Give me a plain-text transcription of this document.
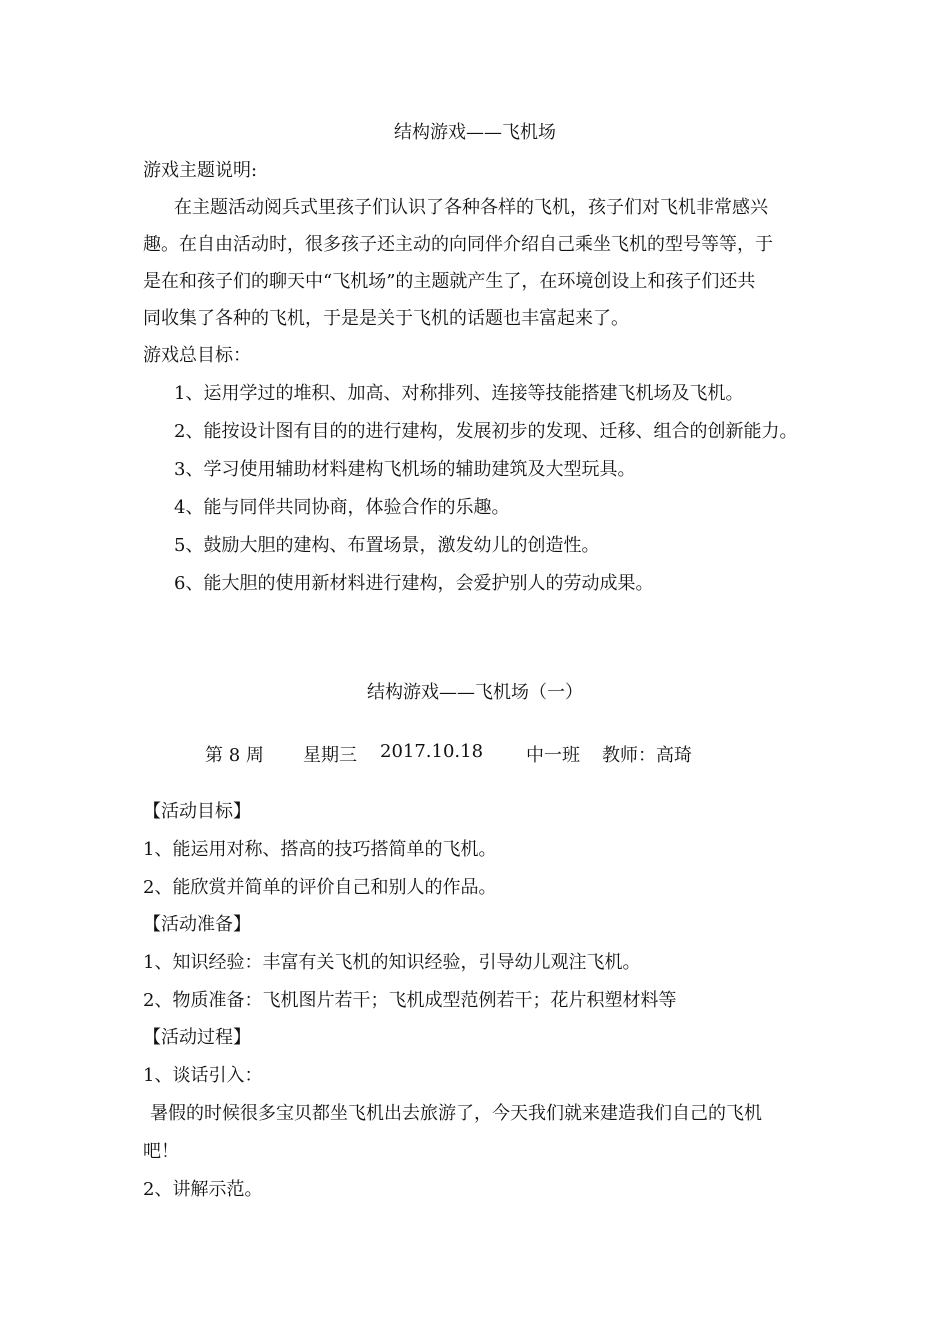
结构游戏——飞机场
游戏主题说明:
在主题活动阅兵式里孩子们认识了各种各样的飞机，孩子们对飞机非常感兴
趣。在自由活动时，很多孩子还主动的向同伴介绍自己乘坐飞机的型号等等，于
是在和孩子们的聊天中“飞机场”的主题就产生了，在环境创设上和孩子们还共
同收集了各种的飞机，于是是关于飞机的话题也丰富起来了。
游戏总目标：
1、运用学过的堆积、加高、对称排列、连接等技能搭建飞机场及飞机。
2、能按设计图有目的的进行建构，发展初步的发现、迁移、组合的创新能力。
3、学习使用辅助材料建构飞机场的辅助建筑及大型玩具。
4、能与同伴共同协商，体验合作的乐趣。
5、鼓励大胆的建构、布置场景，激发幼儿的创造性。
6、能大胆的使用新材料进行建构，会爱护别人的劳动成果。
结构游戏——飞机场（一）
第 8 周 星期三 2017.10.18 中一班 教师：高琦
【活动目标】
1、能运用对称、搭高的技巧搭简单的飞机。
2、能欣赏并简单的评价自己和别人的作品。
【活动准备】
1、知识经验：丰富有关飞机的知识经验，引导幼儿观注飞机。
2、物质准备：飞机图片若干；飞机成型范例若干；花片积塑材料等
【活动过程】
1、谈话引入：
暑假的时候很多宝贝都坐飞机出去旅游了，今天我们就来建造我们自己的飞机
吧！
2、讲解示范。
